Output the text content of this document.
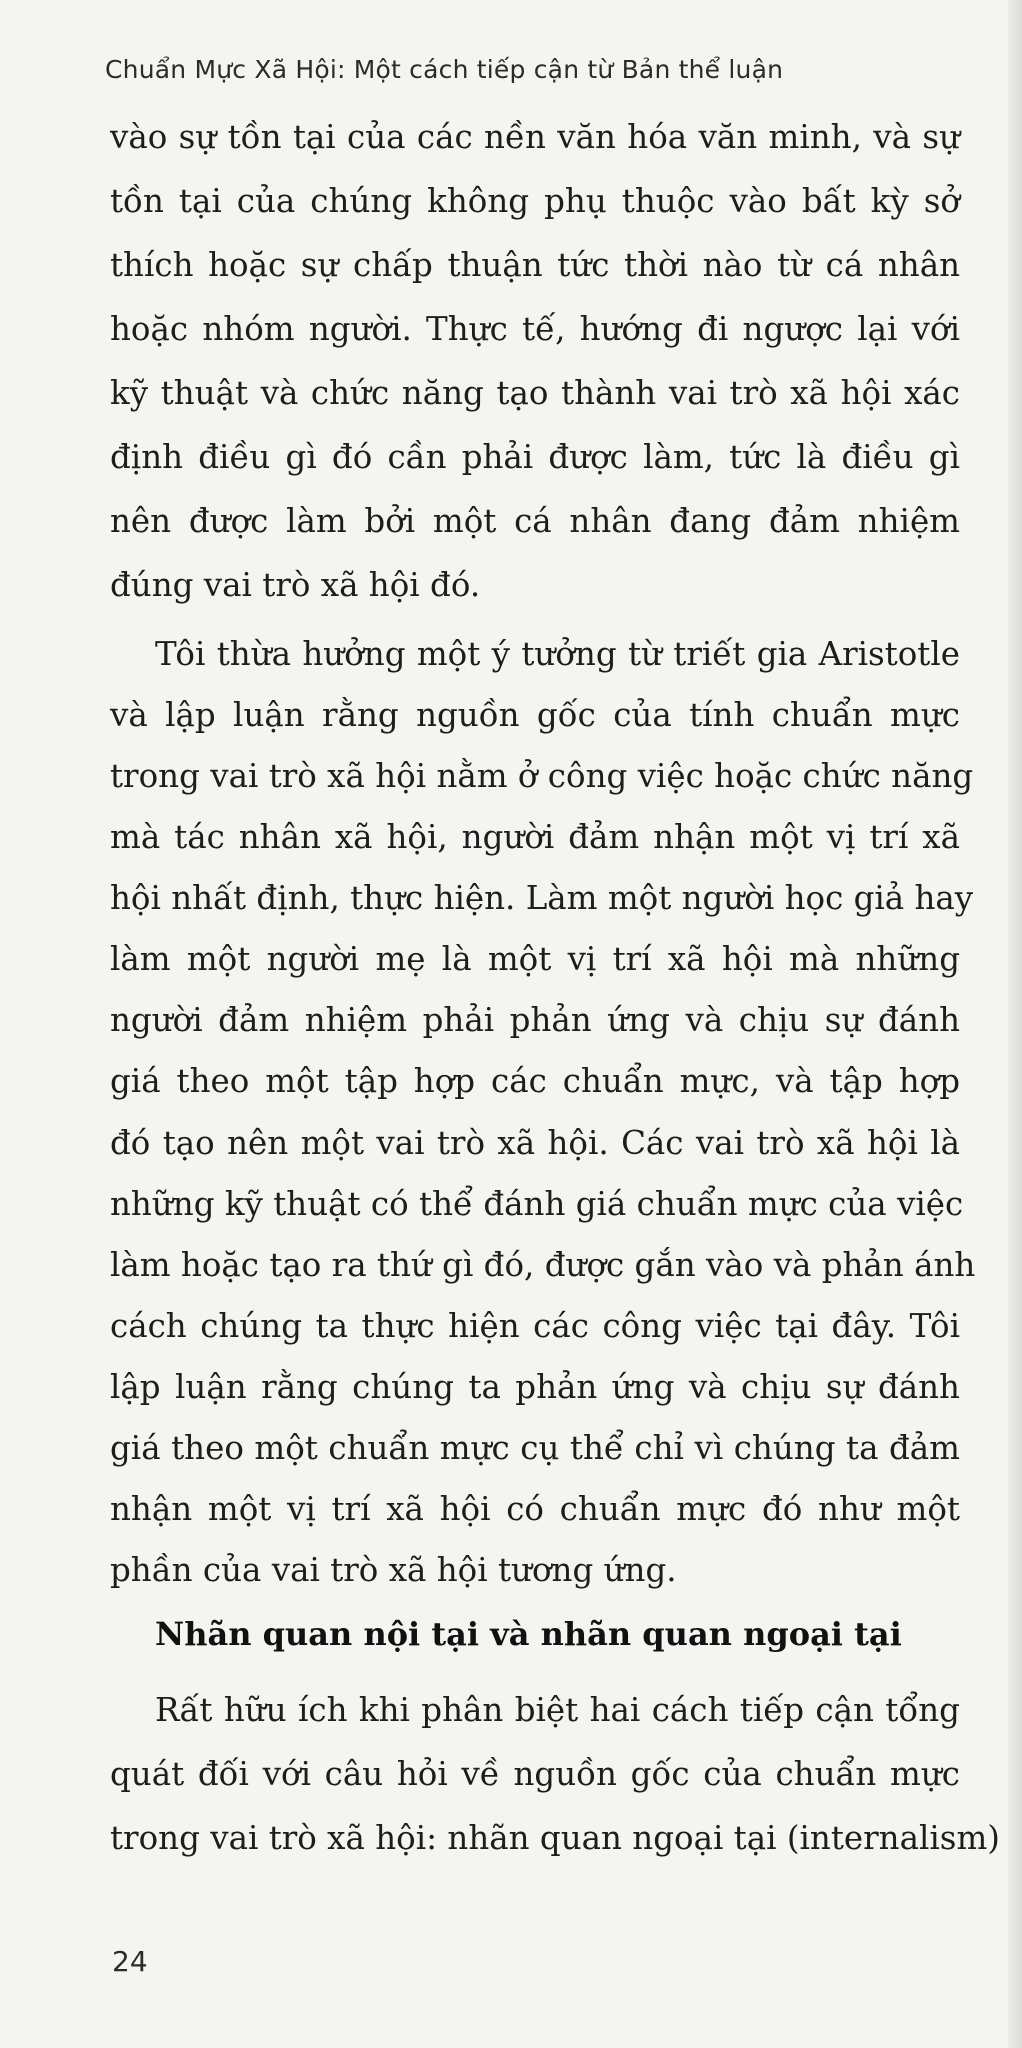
Chuẩn Mực Xã Hội: Một cách tiếp cận từ Bản thể luận
vào sự tồn tại của các nền văn hóa văn minh, và sự
tồn tại của chúng không phụ thuộc vào bất kỳ sở
thích hoặc sự chấp thuận tức thời nào từ cá nhân
hoặc nhóm người. Thực tế, hướng đi ngược lại với
kỹ thuật và chức năng tạo thành vai trò xã hội xác
định điều gì đó cần phải được làm, tức là điều gì
nên được làm bởi một cá nhân đang đảm nhiệm
đúng vai trò xã hội đó.
Tôi thừa hưởng một ý tưởng từ triết gia Aristotle
và lập luận rằng nguồn gốc của tính chuẩn mực
trong vai trò xã hội nằm ở công việc hoặc chức năng
mà tác nhân xã hội, người đảm nhận một vị trí xã
hội nhất định, thực hiện. Làm một người học giả hay
làm một người mẹ là một vị trí xã hội mà những
người đảm nhiệm phải phản ứng và chịu sự đánh
giá theo một tập hợp các chuẩn mực, và tập hợp
đó tạo nên một vai trò xã hội. Các vai trò xã hội là
những kỹ thuật có thể đánh giá chuẩn mực của việc
làm hoặc tạo ra thứ gì đó, được gắn vào và phản ánh
cách chúng ta thực hiện các công việc tại đây. Tôi
lập luận rằng chúng ta phản ứng và chịu sự đánh
giá theo một chuẩn mực cụ thể chỉ vì chúng ta đảm
nhận một vị trí xã hội có chuẩn mực đó như một
phần của vai trò xã hội tương ứng.
Nhãn quan nội tại và nhãn quan ngoại tại
Rất hữu ích khi phân biệt hai cách tiếp cận tổng
quát đối với câu hỏi về nguồn gốc của chuẩn mực
trong vai trò xã hội: nhãn quan ngoại tại (internalism)
24
